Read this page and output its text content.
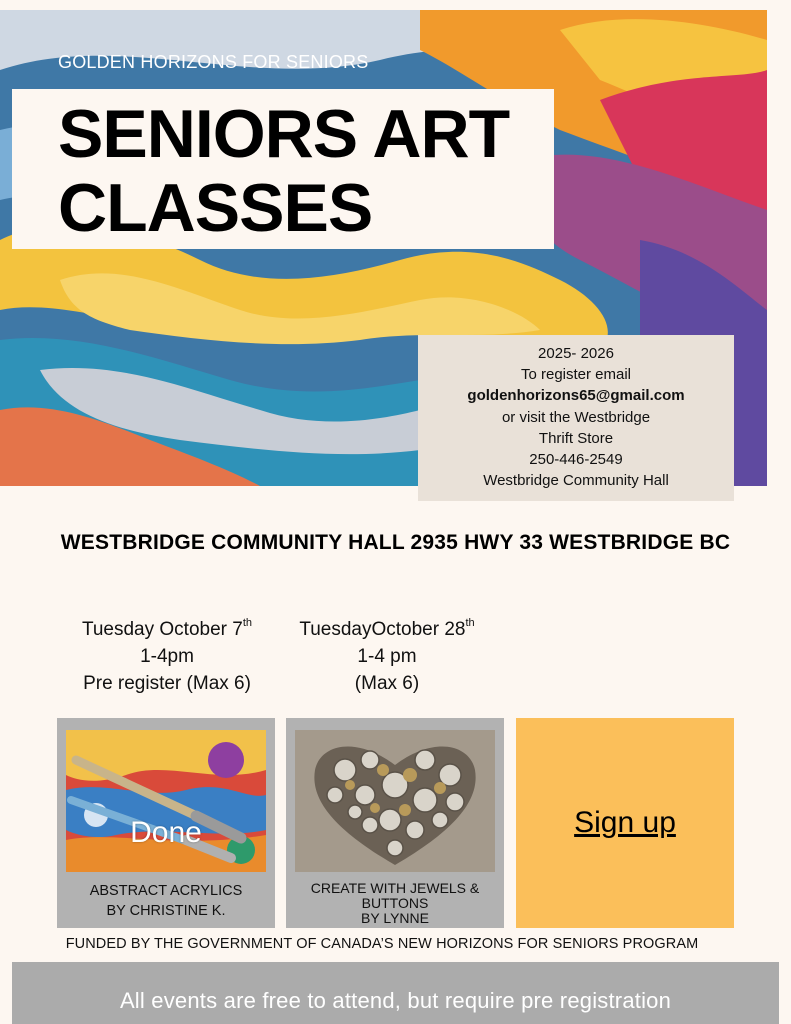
GOLDEN HORIZONS FOR SENIORS
SENIORS ART
CLASSES
2025- 2026
To register email
goldenhorizons65@gmail.com
or visit the Westbridge
Thrift Store
250-446-2549
Westbridge Community Hall
WESTBRIDGE COMMUNITY HALL 2935 HWY 33 WESTBRIDGE BC
Tuesday October 7th
1-4pm
Pre register (Max 6)
TuesdayOctober 28th
1-4 pm
(Max 6)
Done
ABSTRACT ACRYLICS
BY CHRISTINE K.
CREATE WITH JEWELS &
BUTTONS
BY LYNNE
Sign up
FUNDED BY THE GOVERNMENT OF CANADA’S NEW HORIZONS FOR SENIORS PROGRAM
All events are free to attend, but require pre registration
